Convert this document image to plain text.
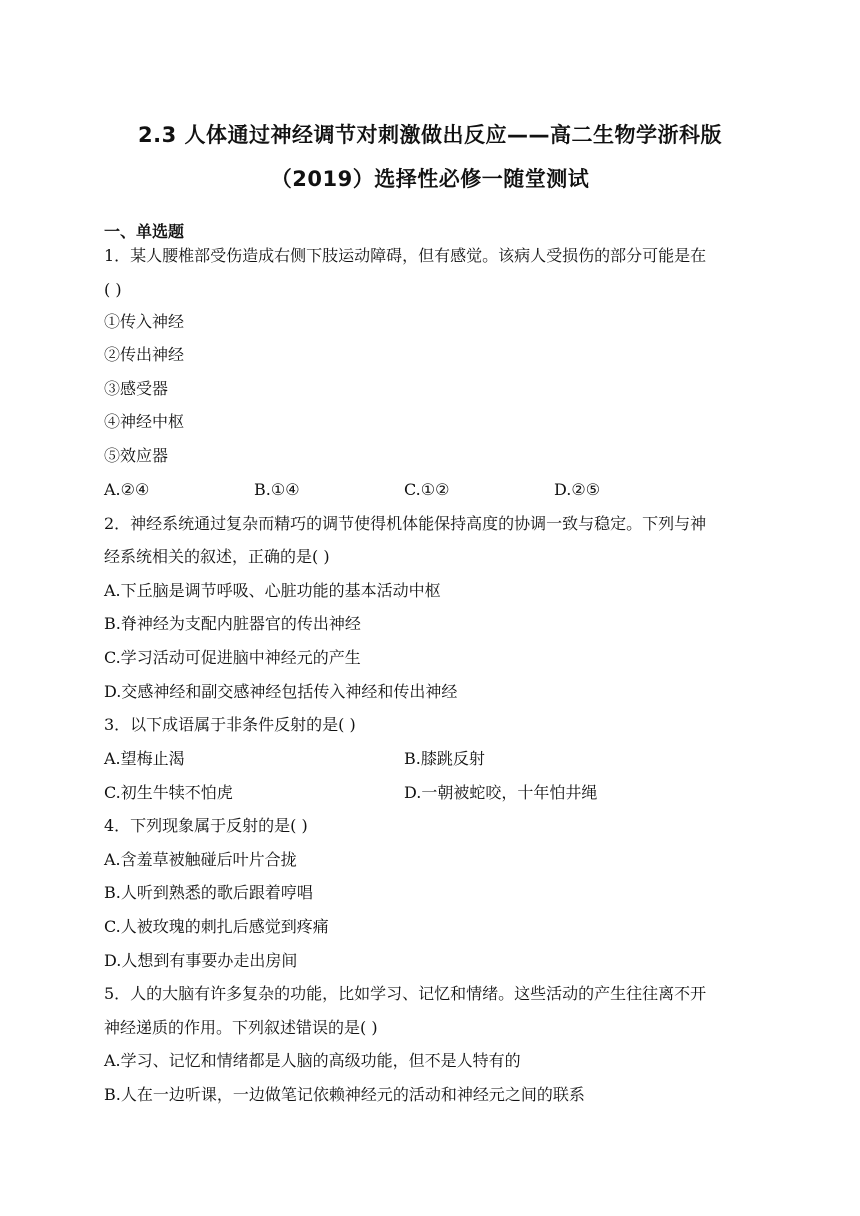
2.3 人体通过神经调节对刺激做出反应——高二生物学浙科版
（2019）选择性必修一随堂测试
一、单选题
1．某人腰椎部受伤造成右侧下肢运动障碍，但有感觉。该病人受损伤的部分可能是在
( )
①传入神经
②传出神经
③感受器
④神经中枢
⑤效应器
A.②④	B.①④	C.①②	D.②⑤
2．神经系统通过复杂而精巧的调节使得机体能保持高度的协调一致与稳定。下列与神
经系统相关的叙述，正确的是( )
A.下丘脑是调节呼吸、心脏功能的基本活动中枢
B.脊神经为支配内脏器官的传出神经
C.学习活动可促进脑中神经元的产生
D.交感神经和副交感神经包括传入神经和传出神经
3．以下成语属于非条件反射的是( )
A.望梅止渴	B.膝跳反射
C.初生牛犊不怕虎	D.一朝被蛇咬，十年怕井绳
4．下列现象属于反射的是( )
A.含羞草被触碰后叶片合拢
B.人听到熟悉的歌后跟着哼唱
C.人被玫瑰的刺扎后感觉到疼痛
D.人想到有事要办走出房间
5．人的大脑有许多复杂的功能，比如学习、记忆和情绪。这些活动的产生往往离不开
神经递质的作用。下列叙述错误的是( )
A.学习、记忆和情绪都是人脑的高级功能，但不是人特有的
B.人在一边听课，一边做笔记依赖神经元的活动和神经元之间的联系
